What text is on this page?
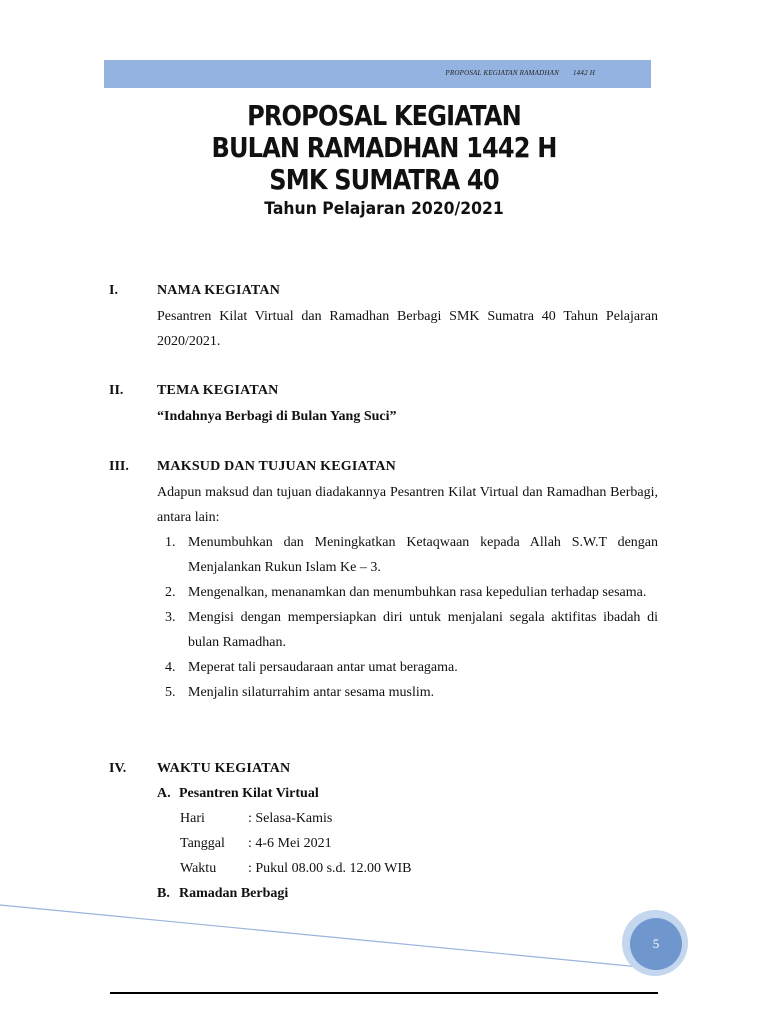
PROPOSAL KEGIATAN RAMADHAN 1442 H
PROPOSAL KEGIATAN
BULAN RAMADHAN 1442 H
SMK SUMATRA 40
Tahun Pelajaran 2020/2021
I.	NAMA KEGIATAN
Pesantren Kilat Virtual dan Ramadhan Berbagi SMK Sumatra 40 Tahun Pelajaran 2020/2021.
II. TEMA KEGIATAN
“Indahnya Berbagi di Bulan Yang Suci”
III. MAKSUD DAN TUJUAN KEGIATAN
Adapun maksud dan tujuan diadakannya Pesantren Kilat Virtual dan Ramadhan Berbagi, antara lain:
1. Menumbuhkan dan Meningkatkan Ketaqwaan kepada Allah S.W.T dengan Menjalankan Rukun Islam Ke – 3.
2. Mengenalkan, menanamkan dan menumbuhkan rasa kepedulian terhadap sesama.
3. Mengisi dengan mempersiapkan diri untuk menjalani segala aktifitas ibadah di bulan Ramadhan.
4. Meperat tali persaudaraan antar umat beragama.
5. Menjalin silaturrahim antar sesama muslim.
IV. WAKTU KEGIATAN
A. Pesantren Kilat Virtual
Hari	: Selasa-Kamis
Tanggal : 4-6 Mei 2021
Waktu : Pukul 08.00 s.d. 12.00 WIB
B. Ramadan Berbagi
5
